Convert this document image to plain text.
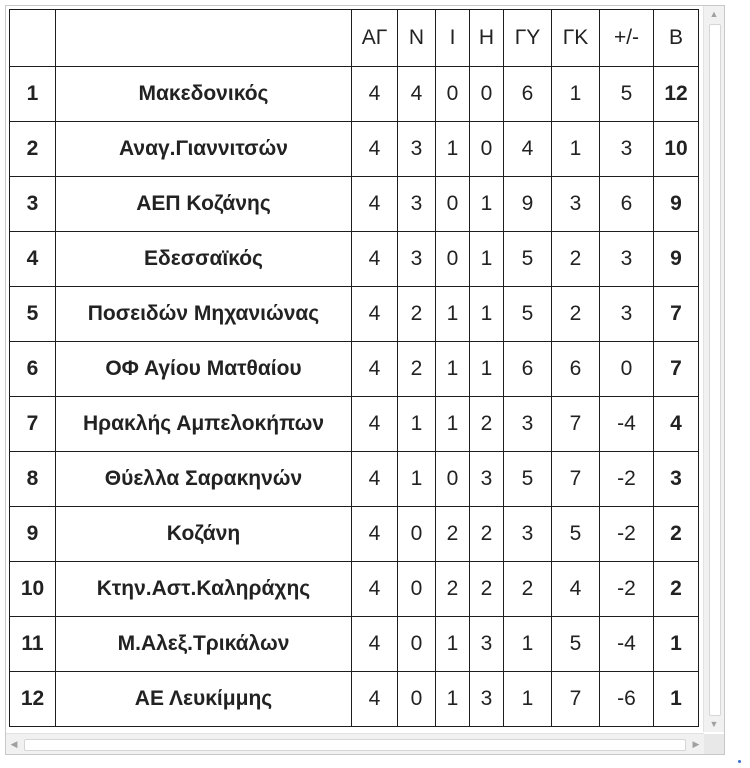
		ΑΓ	Ν	Ι	Η	ΓΥ	ΓΚ	+/-	Β
1	Μακεδονικός	4	4	0	0	6	1	5	12
2	Αναγ.Γιαννιτσών	4	3	1	0	4	1	3	10
3	ΑΕΠ Κοζάνης	4	3	0	1	9	3	6	9
4	Εδεσσαϊκός	4	3	0	1	5	2	3	9
5	Ποσειδών Μηχανιώνας	4	2	1	1	5	2	3	7
6	ΟΦ Αγίου Ματθαίου	4	2	1	1	6	6	0	7
7	Ηρακλής Αμπελοκήπων	4	1	1	2	3	7	-4	4
8	Θύελλα Σαρακηνών	4	1	0	3	5	7	-2	3
9	Κοζάνη	4	0	2	2	3	5	-2	2
10	Κτην.Αστ.Καληράχης	4	0	2	2	2	4	-2	2
11	Μ.Αλεξ.Τρικάλων	4	0	1	3	1	5	-4	1
12	ΑΕ Λευκίμμης	4	0	1	3	1	7	-6	1
▲
▼
◀	▶
